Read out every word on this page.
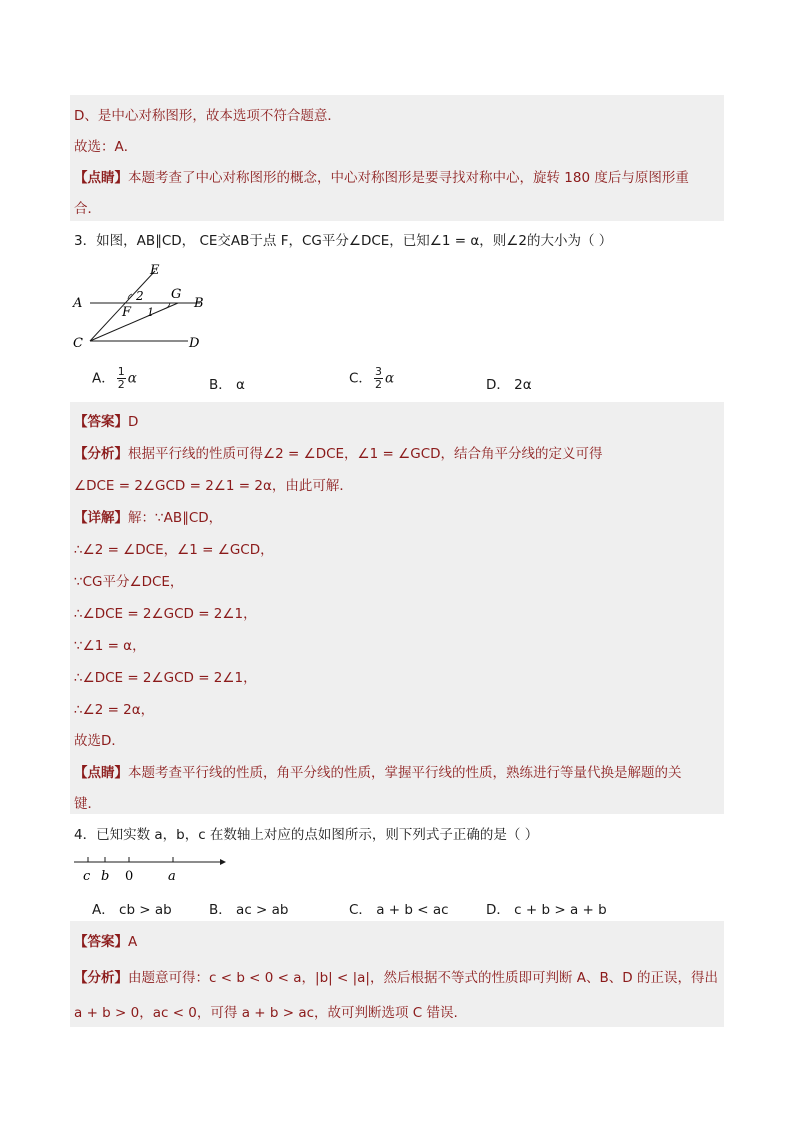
D、是中心对称图形，故本选项不符合题意．
故选：A．
【点睛】本题考查了中心对称图形的概念，中心对称图形是要寻找对称中心，旋转 180 度后与原图形重
合．
3．如图，AB∥CD， CE交AB于点 F，CG平分∠DCE，已知∠1 = α，则∠2的大小为（ ）
E
A	2 G
B
F 1
C	D
A． $\frac{1}{2}$ α	B． α	C． $\frac{3}{2}$ α	D． 2α
【答案】D
【分析】根据平行线的性质可得∠2 = ∠DCE，∠1 = ∠GCD，结合角平分线的定义可得
∠DCE = 2∠GCD = 2∠1 = 2α，由此可解．
【详解】解：∵AB∥CD，
∴∠2 = ∠DCE，∠1 = ∠GCD，
∵CG平分∠DCE，
∴∠DCE = 2∠GCD = 2∠1，
∵∠1 = α，
∴∠DCE = 2∠GCD = 2∠1，
∴∠2 = 2α，
故选D．
【点睛】本题考查平行线的性质，角平分线的性质，掌握平行线的性质，熟练进行等量代换是解题的关
键．
4．已知实数 a，b，c 在数轴上对应的点如图所示，则下列式子正确的是（ ）
c b 0	a
A． cb > ab	B． ac > ab	C． a + b < ac	D． c + b > a + b
【答案】A
【分析】由题意可得：c < b < 0 < a，|b| < |a|，然后根据不等式的性质即可判断 A、B、D 的正误，得出
a + b > 0，ac < 0，可得 a + b > ac，故可判断选项 C 错误.
